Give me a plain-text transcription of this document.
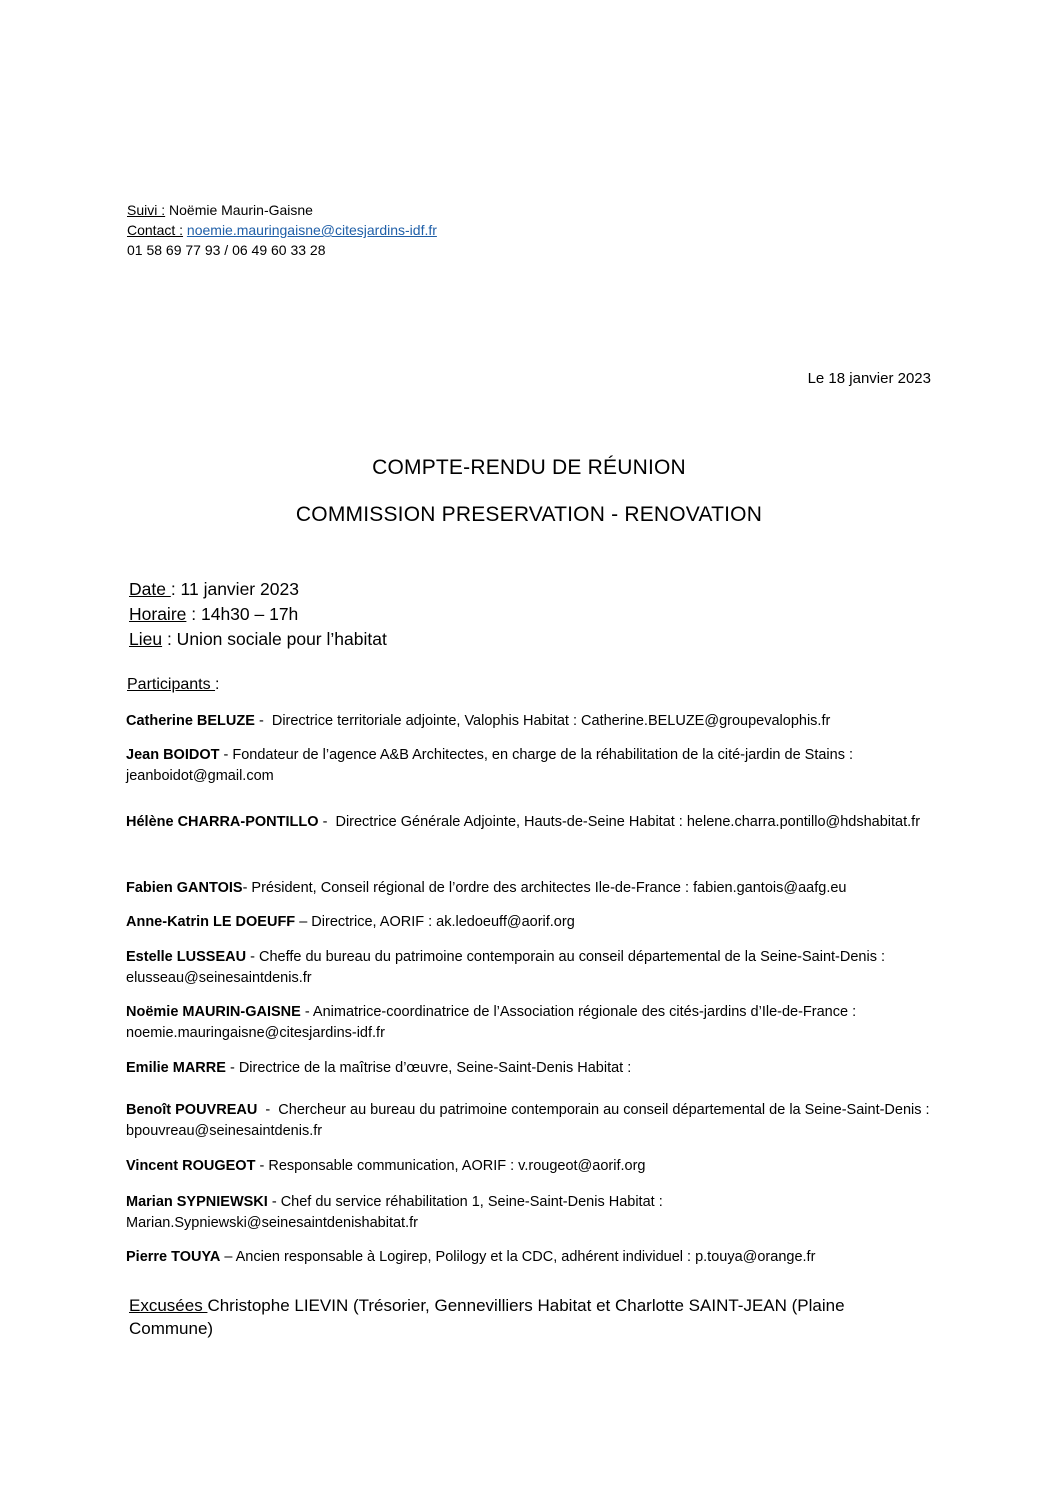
Suivi : Noëmie Maurin-Gaisne
Contact : noemie.mauringaisne@citesjardins-idf.fr
01 58 69 77 93 / 06 49 60 33 28
Le 18 janvier 2023
COMPTE-RENDU DE RÉUNION
COMMISSION PRESERVATION - RENOVATION
Date : 11 janvier 2023
Horaire : 14h30 – 17h
Lieu : Union sociale pour l’habitat
Participants :
Catherine BELUZE -  Directrice territoriale adjointe, Valophis Habitat : Catherine.BELUZE@groupevalophis.fr
Jean BOIDOT - Fondateur de l’agence A&B Architectes, en charge de la réhabilitation de la cité-jardin de Stains : jeanboidot@gmail.com
Hélène CHARRA-PONTILLO -  Directrice Générale Adjointe, Hauts-de-Seine Habitat : helene.charra.pontillo@hdshabitat.fr
Fabien GANTOIS- Président, Conseil régional de l’ordre des architectes Ile-de-France : fabien.gantois@aafg.eu
Anne-Katrin LE DOEUFF – Directrice, AORIF : ak.ledoeuff@aorif.org
Estelle LUSSEAU - Cheffe du bureau du patrimoine contemporain au conseil départemental de la Seine-Saint-Denis : elusseau@seinesaintdenis.fr
Noëmie MAURIN-GAISNE - Animatrice-coordinatrice de l’Association régionale des cités-jardins d’Ile-de-France : noemie.mauringaisne@citesjardins-idf.fr
Emilie MARRE - Directrice de la maîtrise d’œuvre, Seine-Saint-Denis Habitat :
Benoît POUVREAU  -  Chercheur au bureau du patrimoine contemporain au conseil départemental de la Seine-Saint-Denis : bpouvreau@seinesaintdenis.fr
Vincent ROUGEOT - Responsable communication, AORIF : v.rougeot@aorif.org
Marian SYPNIEWSKI - Chef du service réhabilitation 1, Seine-Saint-Denis Habitat : Marian.Sypniewski@seinesaintdenishabitat.fr
Pierre TOUYA – Ancien responsable à Logirep, Polilogy et la CDC, adhérent individuel : p.touya@orange.fr
Excusées Christophe LIEVIN (Trésorier, Gennevilliers Habitat et Charlotte SAINT-JEAN (Plaine Commune)
